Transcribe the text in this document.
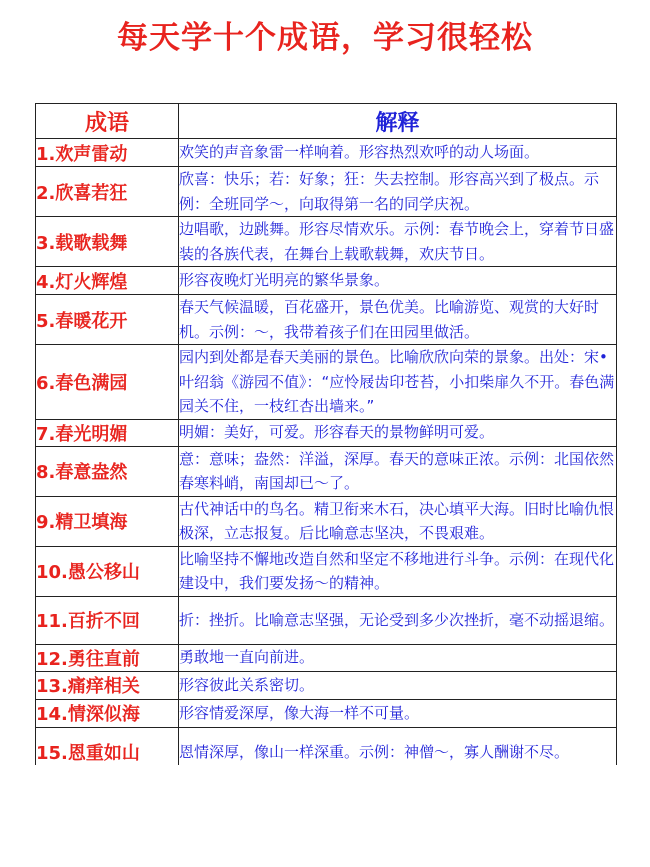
每天学十个成语，学习很轻松
成语	解释
1.欢声雷动	欢笑的声音象雷一样响着。形容热烈欢呼的动人场面。
2.欣喜若狂	欣喜：快乐；若：好象；狂：失去控制。形容高兴到了极点。示例：全班同学～，向取得第一名的同学庆祝。
3.载歌载舞	边唱歌，边跳舞。形容尽情欢乐。示例：春节晚会上，穿着节日盛装的各族代表，在舞台上载歌载舞，欢庆节日。
4.灯火辉煌	形容夜晚灯光明亮的繁华景象。
5.春暖花开	春天气候温暖，百花盛开，景色优美。比喻游览、观赏的大好时机。示例：～，我带着孩子们在田园里做活。
6.春色满园	园内到处都是春天美丽的景色。比喻欣欣向荣的景象。出处：宋•叶绍翁《游园不值》：“应怜屐齿印苍苔，小扣柴扉久不开。春色满园关不住，一枝红杏出墙来。”
7.春光明媚	明媚：美好，可爱。形容春天的景物鲜明可爱。
8.春意盎然	意：意味；盎然：洋溢，深厚。春天的意味正浓。示例：北国依然春寒料峭，南国却已～了。
9.精卫填海	古代神话中的鸟名。精卫衔来木石，决心填平大海。旧时比喻仇恨极深，立志报复。后比喻意志坚决，不畏艰难。
10.愚公移山	比喻坚持不懈地改造自然和坚定不移地进行斗争。示例：在现代化建设中，我们要发扬～的精神。
11.百折不回	折：挫折。比喻意志坚强，无论受到多少次挫折，毫不动摇退缩。
12.勇往直前	勇敢地一直向前进。
13.痛痒相关	形容彼此关系密切。
14.情深似海	形容情爱深厚，像大海一样不可量。
15.恩重如山	恩情深厚，像山一样深重。示例：神僧～，寡人酬谢不尽。
